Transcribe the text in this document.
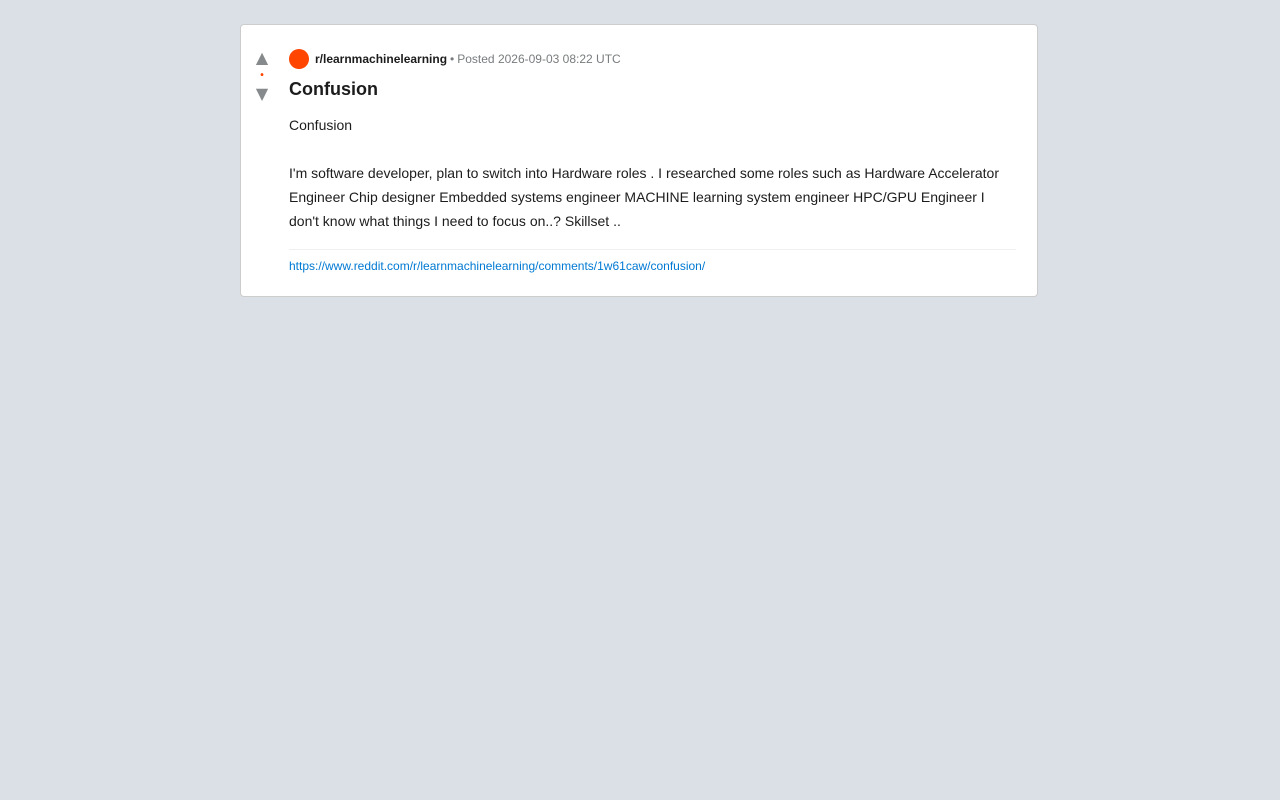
▲
•
▼
r/learnmachinelearning • Posted 2026-09-03 08:22 UTC
Confusion

Confusion

I'm software developer, plan to switch into Hardware roles . I researched some roles such as Hardware Accelerator Engineer Chip designer Embedded systems engineer MACHINE learning system engineer HPC/GPU Engineer I don't know what things I need to focus on..? Skillset ..

https://www.reddit.com/r/learnmachinelearning/comments/1w61caw/confusion/
